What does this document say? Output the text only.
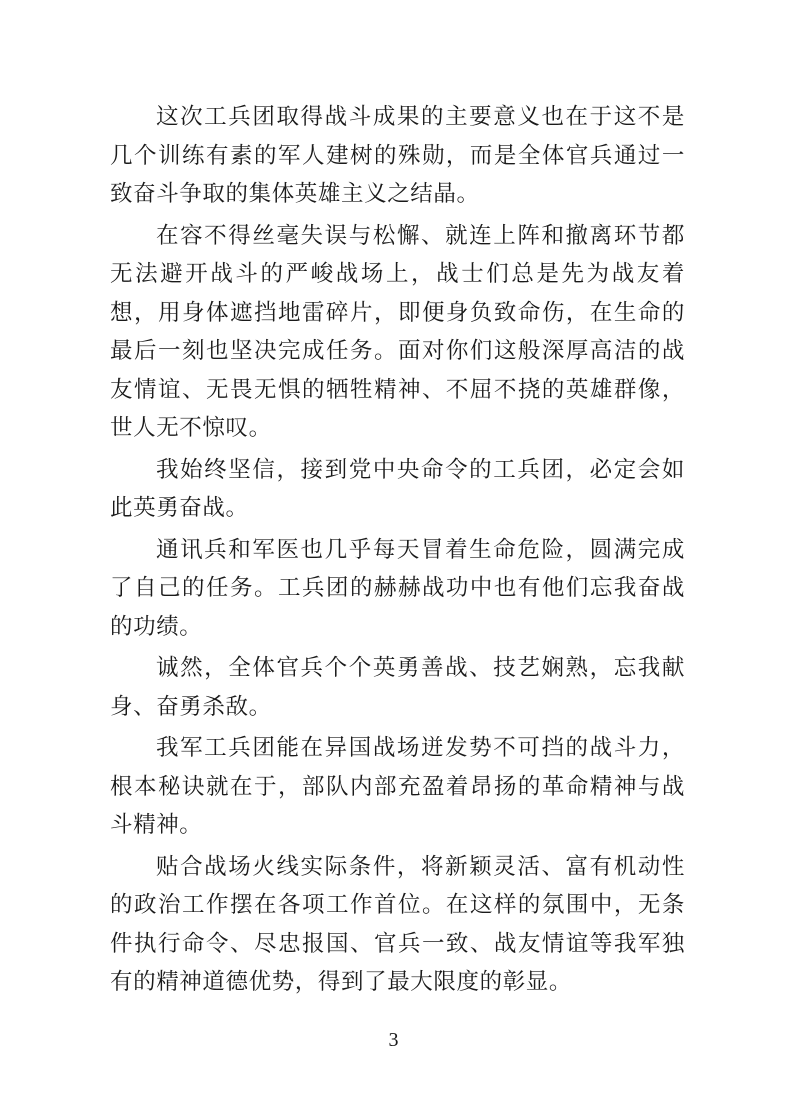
这次工兵团取得战斗成果的主要意义也在于这不是几个训练有素的军人建树的殊勋，而是全体官兵通过一致奋斗争取的集体英雄主义之结晶。

在容不得丝毫失误与松懈、就连上阵和撤离环节都无法避开战斗的严峻战场上，战士们总是先为战友着想，用身体遮挡地雷碎片，即便身负致命伤，在生命的最后一刻也坚决完成任务。面对你们这般深厚高洁的战友情谊、无畏无惧的牺牲精神、不屈不挠的英雄群像，世人无不惊叹。

我始终坚信，接到党中央命令的工兵团，必定会如此英勇奋战。

通讯兵和军医也几乎每天冒着生命危险，圆满完成了自己的任务。工兵团的赫赫战功中也有他们忘我奋战的功绩。

诚然，全体官兵个个英勇善战、技艺娴熟，忘我献身、奋勇杀敌。

我军工兵团能在异国战场迸发势不可挡的战斗力，根本秘诀就在于，部队内部充盈着昂扬的革命精神与战斗精神。

贴合战场火线实际条件，将新颖灵活、富有机动性的政治工作摆在各项工作首位。在这样的氛围中，无条件执行命令、尽忠报国、官兵一致、战友情谊等我军独有的精神道德优势，得到了最大限度的彰显。

3
